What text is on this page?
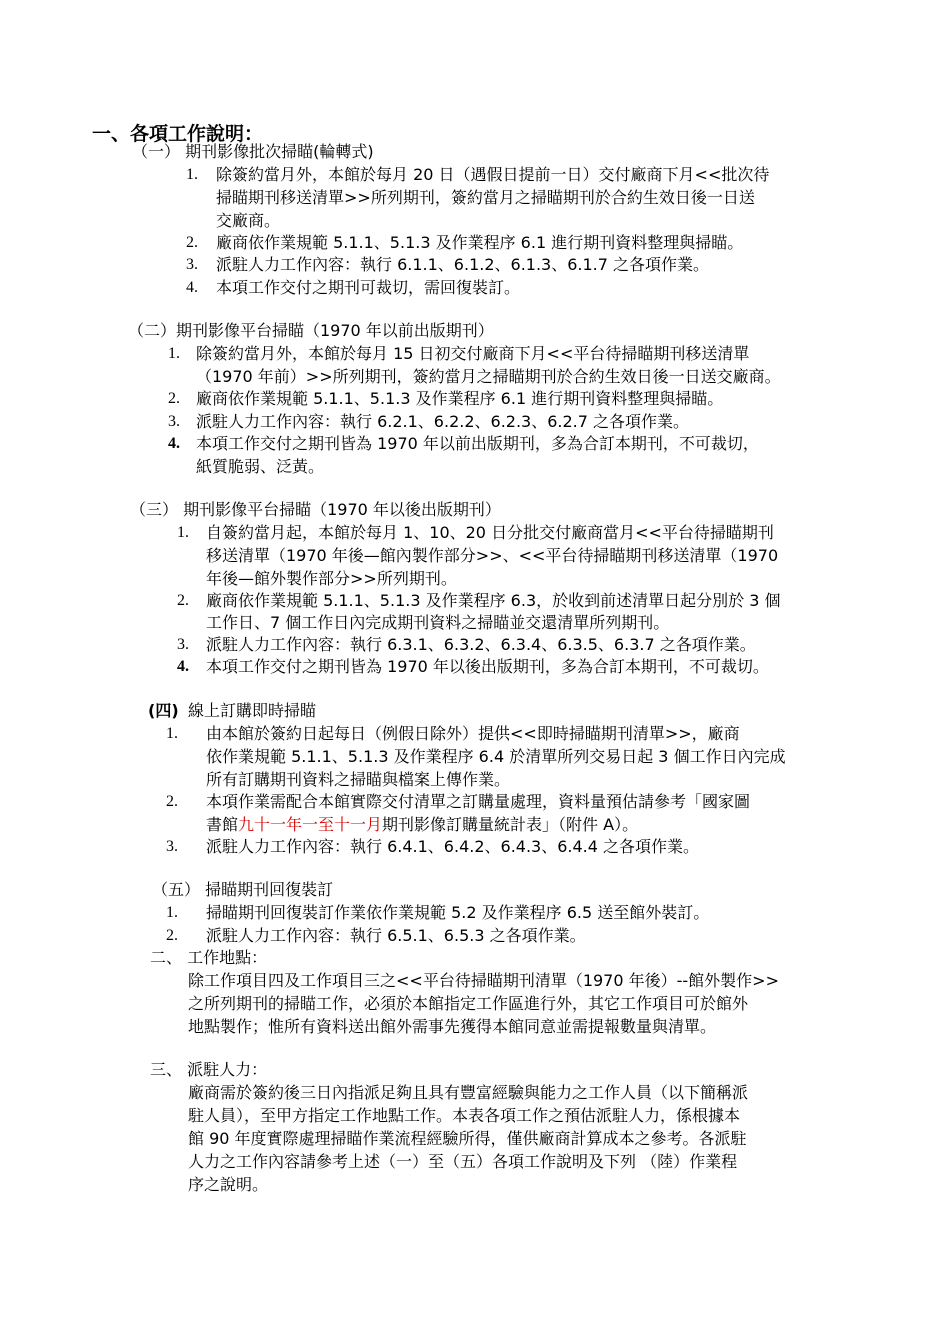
一、各項工作說明：
（一） 期刊影像批次掃瞄(輪轉式)
1. 除簽約當月外，本館於每月 20 日（遇假日提前一日）交付廠商下月<<批次待
掃瞄期刊移送清單>>所列期刊，簽約當月之掃瞄期刊於合約生效日後一日送
交廠商。
2. 廠商依作業規範 5.1.1、5.1.3 及作業程序 6.1 進行期刊資料整理與掃瞄。
3. 派駐人力工作內容：執行 6.1.1、6.1.2、6.1.3、6.1.7 之各項作業。
4. 本項工作交付之期刊可裁切，需回復裝訂。
（二）期刊影像平台掃瞄（1970 年以前出版期刊）
1. 除簽約當月外，本館於每月 15 日初交付廠商下月<<平台待掃瞄期刊移送清單
（1970 年前）>>所列期刊，簽約當月之掃瞄期刊於合約生效日後一日送交廠商。
2. 廠商依作業規範 5.1.1、5.1.3 及作業程序 6.1 進行期刊資料整理與掃瞄。
3. 派駐人力工作內容：執行 6.2.1、6.2.2、6.2.3、6.2.7 之各項作業。
4. 本項工作交付之期刊皆為 1970 年以前出版期刊，多為合訂本期刊，不可裁切，
紙質脆弱、泛黃。
（三） 期刊影像平台掃瞄（1970 年以後出版期刊）
1. 自簽約當月起，本館於每月 1、10、20 日分批交付廠商當月<<平台待掃瞄期刊
移送清單（1970 年後—館內製作部分>>、<<平台待掃瞄期刊移送清單（1970
年後—館外製作部分>>所列期刊。
2. 廠商依作業規範 5.1.1、5.1.3 及作業程序 6.3，於收到前述清單日起分別於 3 個
工作日、7 個工作日內完成期刊資料之掃瞄並交還清單所列期刊。
3. 派駐人力工作內容：執行 6.3.1、6.3.2、6.3.4、6.3.5、6.3.7 之各項作業。
4. 本項工作交付之期刊皆為 1970 年以後出版期刊，多為合訂本期刊，不可裁切。
(四) 線上訂購即時掃瞄
1. 由本館於簽約日起每日（例假日除外）提供<<即時掃瞄期刊清單>>，廠商
依作業規範 5.1.1、5.1.3 及作業程序 6.4 於清單所列交易日起 3 個工作日內完成
所有訂購期刊資料之掃瞄與檔案上傳作業。
2. 本項作業需配合本館實際交付清單之訂購量處理，資料量預估請參考「國家圖
書館九十一年一至十一月期刊影像訂購量統計表」（附件 A）。
3. 派駐人力工作內容：執行 6.4.1、6.4.2、6.4.3、6.4.4 之各項作業。
（五） 掃瞄期刊回復裝訂
1. 掃瞄期刊回復裝訂作業依作業規範 5.2 及作業程序 6.5 送至館外裝訂。
2. 派駐人力工作內容：執行 6.5.1、6.5.3 之各項作業。
二、 工作地點：
除工作項目四及工作項目三之<<平台待掃瞄期刊清單（1970 年後）--館外製作>>
之所列期刊的掃瞄工作，必須於本館指定工作區進行外，其它工作項目可於館外
地點製作；惟所有資料送出館外需事先獲得本館同意並需提報數量與清單。
三、 派駐人力：
廠商需於簽約後三日內指派足夠且具有豐富經驗與能力之工作人員（以下簡稱派
駐人員），至甲方指定工作地點工作。本表各項工作之預估派駐人力，係根據本
館 90 年度實際處理掃瞄作業流程經驗所得，僅供廠商計算成本之參考。各派駐
人力之工作內容請參考上述（一）至（五）各項工作說明及下列 （陸）作業程
序之說明。
